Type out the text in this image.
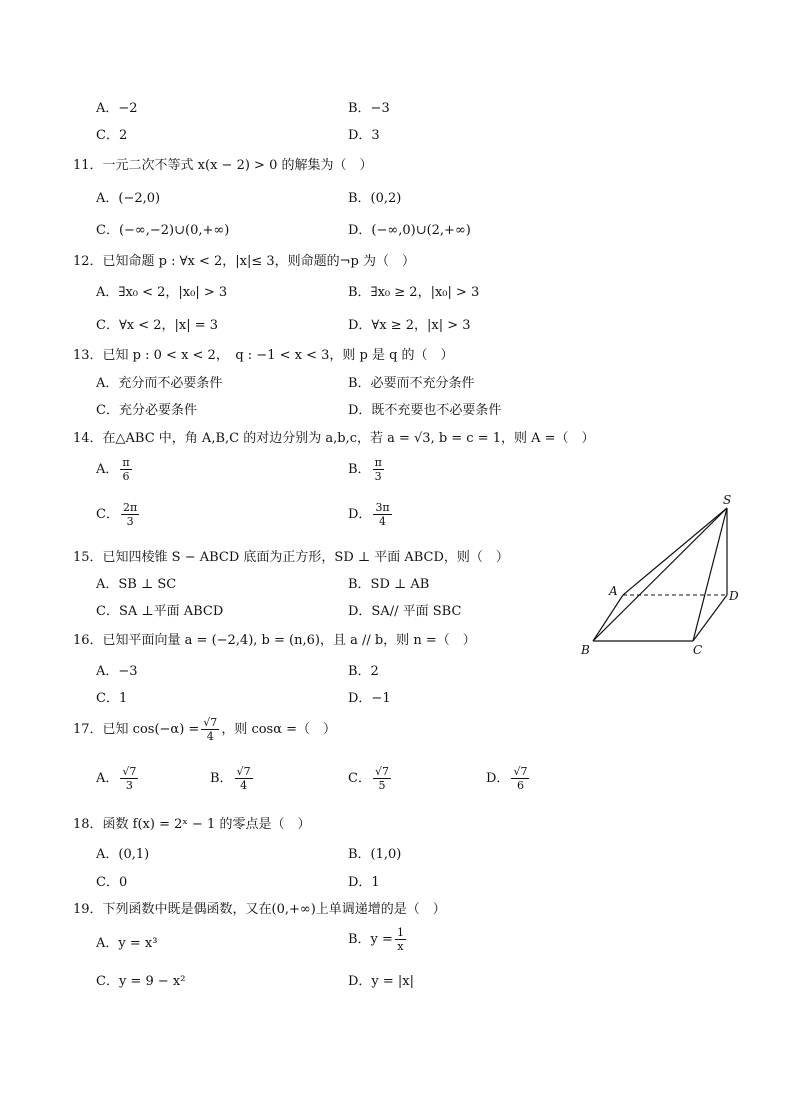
A．−2	B．−3
C．2	D．3
11．一元二次不等式 x(x − 2) > 0 的解集为（　）
A．(−2,0)	B．(0,2)
C．(−∞,−2)∪(0,+∞)	D．(−∞,0)∪(2,+∞)
12．已知命题 p : ∀x < 2，|x|≤ 3，则命题的¬p 为（　）
A．∃x₀ < 2，|x₀| > 3	B．∃x₀ ≥ 2，|x₀| > 3
C．∀x < 2，|x| = 3	D．∀x ≥ 2，|x| > 3
13．已知 p : 0 < x < 2，　q : −1 < x < 3，则 p 是 q 的（　）
A．充分而不必要条件	B．必要而不充分条件
C．充分必要条件	D．既不充要也不必要条件
14．在△ABC 中，角 A,B,C 的对边分别为 a,b,c，若 a = √3, b = c = 1，则 A =（　）
A． $\frac{\pi}{6}$	B． $\frac{\pi}{3}$
C． $\frac{2\pi}{3}$	D． $\frac{3\pi}{4}$
15．已知四棱锥 S − ABCD 底面为正方形，SD ⊥ 平面 ABCD，则（　）
A．SB ⊥ SC	B．SD ⊥ AB
C．SA ⊥平面 ABCD	D．SA// 平面 SBC
16．已知平面向量 a = (−2,4), b = (n,6)，且 a // b，则 n =（　）
A．−3	B．2
C．1	D．−1
17．已知 $\cos(-\alpha) = \frac{√7}{4}$ ，则 cosα =（　）
A． $\frac{√7}{3}$	B． $\frac{√7}{4}$	C． $\frac{√7}{5}$	D． $\frac{√7}{6}$
18．函数 f(x) = 2ˣ − 1 的零点是（　）
A．(0,1)	B．(1,0)
C．0	D．1
19．下列函数中既是偶函数，又在(0,+∞)上单调递增的是（　）
A．y = x³	B．$y = \frac{1}{x}$
C．y = 9 − x²	D．y = |x|
S
A	D
B	C
